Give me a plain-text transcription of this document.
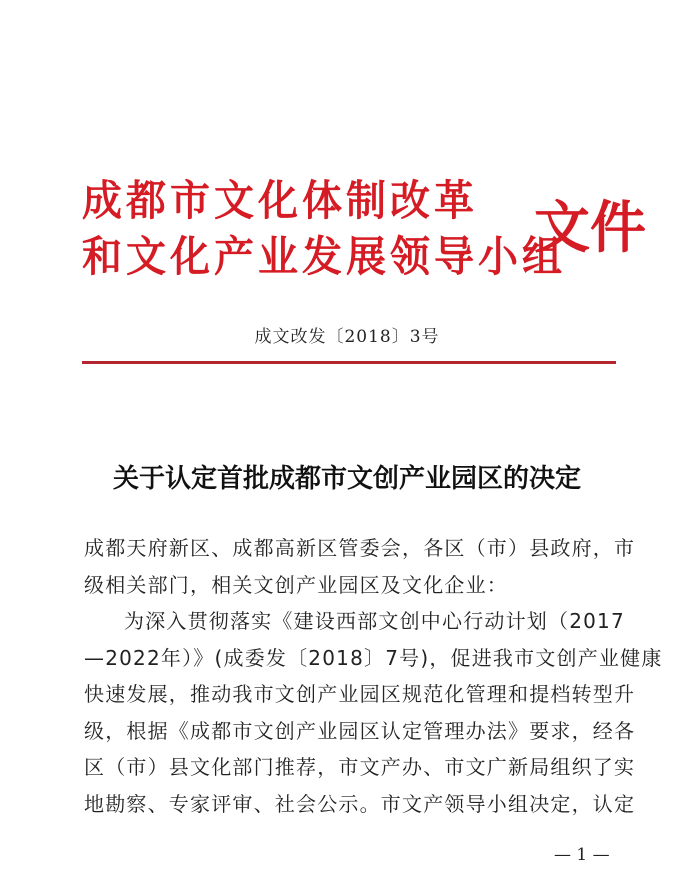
成都市文化体制改革
和文化产业发展领导小组
文件
成文改发〔2018〕3号
关于认定首批成都市文创产业园区的决定
成都天府新区、成都高新区管委会，各区（市）县政府，市
级相关部门，相关文创产业园区及文化企业：
为深入贯彻落实《建设西部文创中心行动计划（2017
—2022年）》(成委发〔2018〕7号)，促进我市文创产业健康
快速发展，推动我市文创产业园区规范化管理和提档转型升
级，根据《成都市文创产业园区认定管理办法》要求，经各
区（市）县文化部门推荐，市文产办、市文广新局组织了实
地勘察、专家评审、社会公示。市文产领导小组决定，认定
— 1 —
